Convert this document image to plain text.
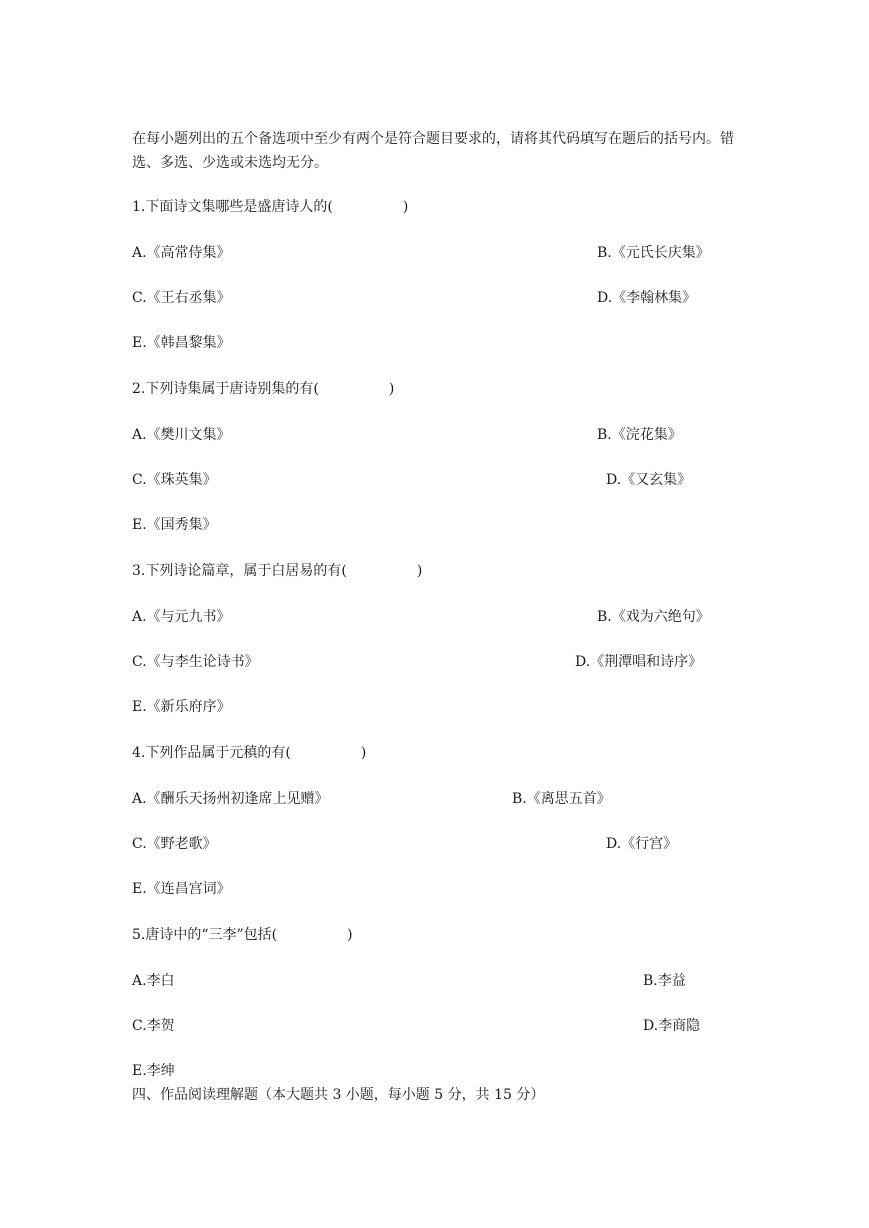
在每小题列出的五个备选项中至少有两个是符合题目要求的，请将其代码填写在题后的括号内。错选、多选、少选或未选均无分。
1.下面诗文集哪些是盛唐诗人的(　　　　　)
A.《高常侍集》	B.《元氏长庆集》
C.《王右丞集》	D.《李翰林集》
E.《韩昌黎集》
2.下列诗集属于唐诗别集的有(　　　　　)
A.《樊川文集》	B.《浣花集》
C.《珠英集》	D.《又玄集》
E.《国秀集》
3.下列诗论篇章，属于白居易的有(　　　　　)
A.《与元九书》	B.《戏为六绝句》
C.《与李生论诗书》	D.《荆潭唱和诗序》
E.《新乐府序》
4.下列作品属于元稹的有(　　　　　)
A.《酬乐天扬州初逢席上见赠》	B.《离思五首》
C.《野老歌》	D.《行宫》
E.《连昌宫词》
5.唐诗中的“三李”包括(　　　　　)
A.李白	B.李益
C.李贺	D.李商隐
E.李绅
四、作品阅读理解题（本大题共 3 小题，每小题 5 分，共 15 分）
